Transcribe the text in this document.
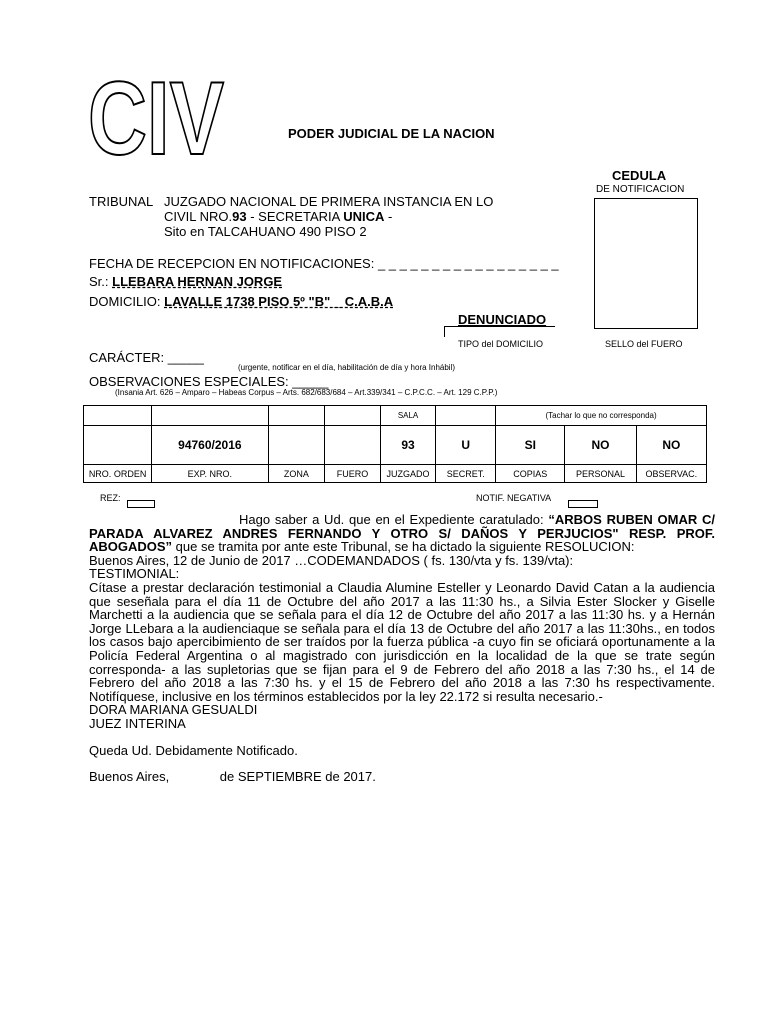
CIV	PODER JUDICIAL DE LA NACION
CEDULA
DE NOTIFICACION
SELLO del FUERO
TRIBUNAL JUZGADO NACIONAL DE PRIMERA INSTANCIA EN LO
CIVIL NRO.93 - SECRETARIA UNICA -
Sito en TALCAHUANO 490 PISO 2
FECHA DE RECEPCION EN NOTIFICACIONES: _ _ _ _ _ _ _ _ _ _ _ _ _ _ _ _ _
Sr.: LLEBARA HERNAN JORGE
DOMICILIO: LAVALLE 1738 PISO 5º "B" _ C.A.B.A
DENUNCIADO
TIPO del DOMICILIO
CARÁCTER: _____
(urgente, notificar en el día, habilitación de día y hora Inhábil)
OBSERVACIONES ESPECIALES: _____
(Insania Art. 626 – Amparo – Habeas Corpus – Arts. 682/683/684 – Art.339/341 – C.P.C.C. – Art. 129 C.P.P.)
				SALA		(Tachar lo que no corresponda)		
	94760/2016			93	U	SI	NO	NO
NRO. ORDEN	EXP. NRO.	ZONA	FUERO	JUZGADO	SECRET.	COPIAS	PERSONAL	OBSERVAC.
REZ:	NOTIF. NEGATIVA

Hago saber a Ud. que en el Expediente caratulado: “ARBOS RUBEN OMAR C/ PARADA ALVAREZ ANDRES FERNANDO Y OTRO S/ DAÑOS Y PERJUCIOS" RESP. PROF. ABOGADOS” que se tramita por ante este Tribunal, se ha dictado la siguiente RESOLUCION:

Buenos Aires, 12 de Junio de 2017 …CODEMANDADOS ( fs. 130/vta y fs. 139/vta):

TESTIMONIAL:

Cítase a prestar declaración testimonial a Claudia Alumine Esteller y Leonardo David Catan a la audiencia que seseñala para el día 11 de Octubre del año 2017 a las 11:30 hs., a Silvia Ester Slocker y Giselle Marchetti a la audiencia que se señala para el día 12 de Octubre del año 2017 a las 11:30 hs. y a Hernán Jorge LLebara a la audienciaque se señala para el día 13 de Octubre del año 2017 a las 11:30hs., en todos los casos bajo apercibimiento de ser traídos por la fuerza pública -a cuyo fin se oficiará oportunamente a la Policía Federal Argentina o al magistrado con jurisdicción en la localidad de la que se trate según corresponda- a las supletorias que se fijan para el 9 de Febrero del año 2018 a las 7:30 hs., el 14 de Febrero del año 2018 a las 7:30 hs. y el 15 de Febrero del año 2018 a las 7:30 hs respectivamente. Notifíquese, inclusive en los términos establecidos por la ley 22.172 si resulta necesario.-

DORA MARIANA GESUALDI

JUEZ INTERINA

Queda Ud. Debidamente Notificado.

Buenos Aires,              de SEPTIEMBRE de 2017.
